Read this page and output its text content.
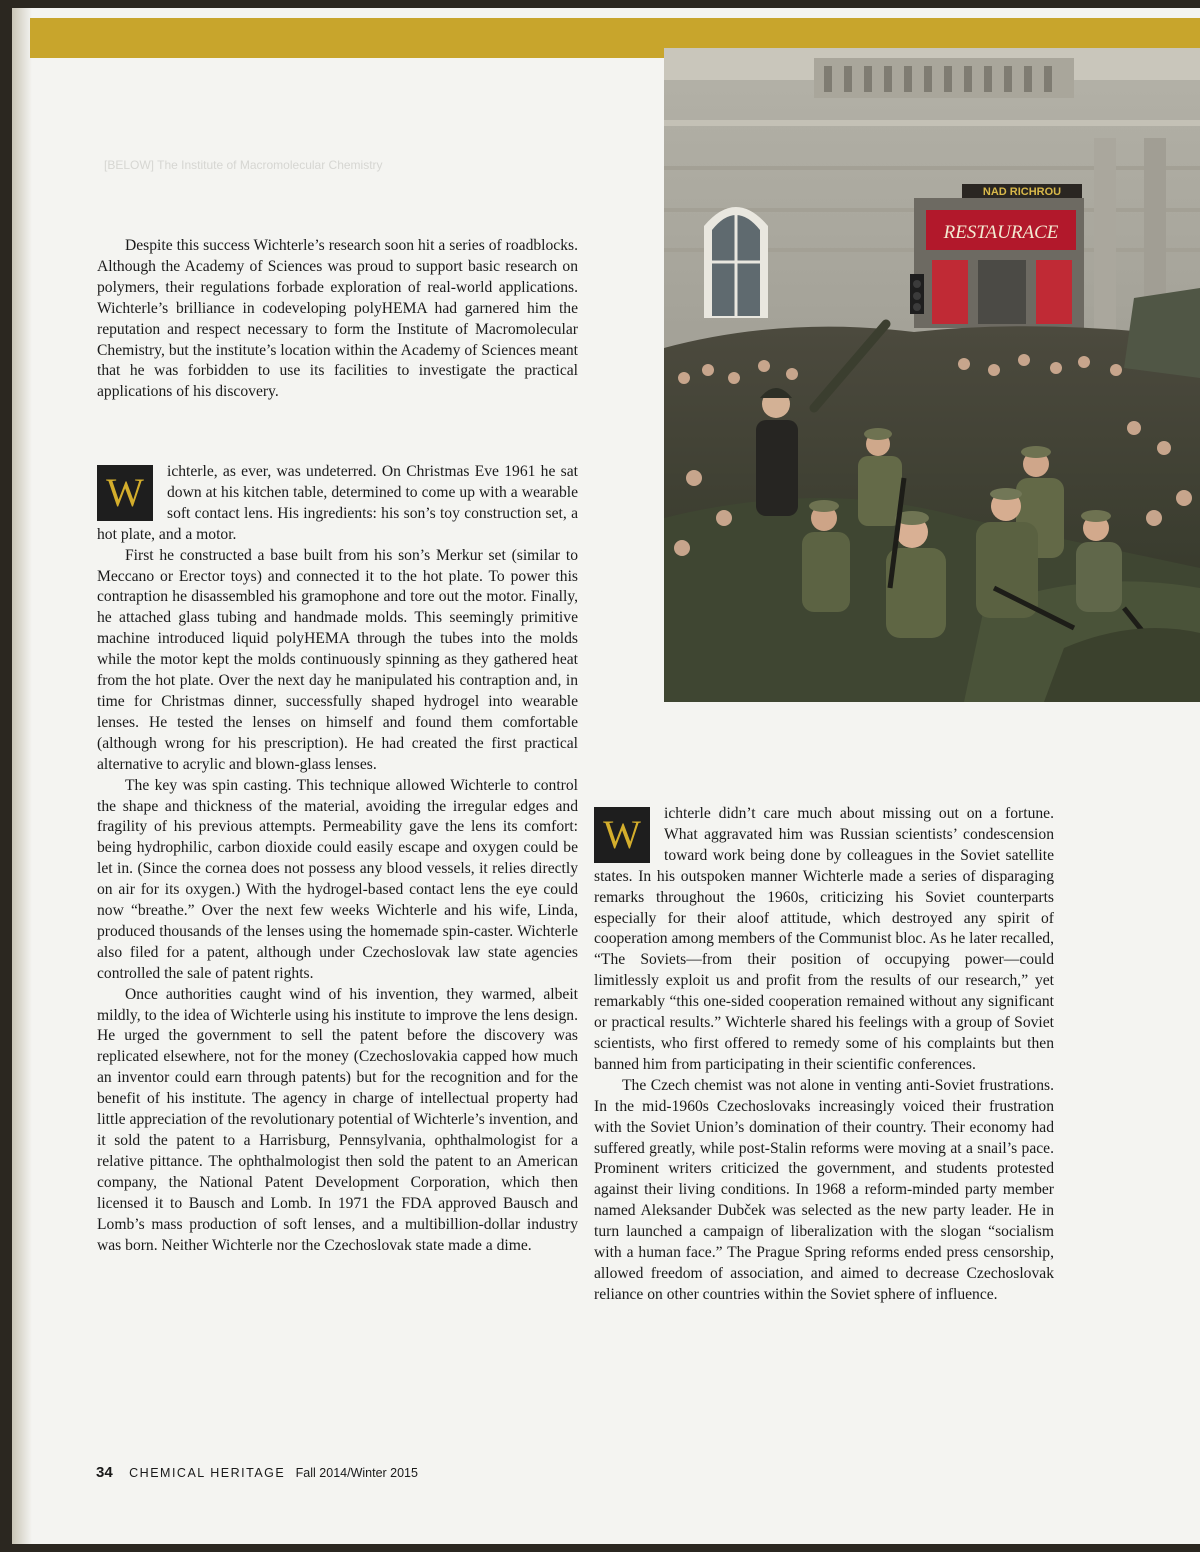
[BELOW] The Institute of Macromolecular Chemistry
NAD RICHROU
RESTAURACE

Despite this success Wichterle’s research soon hit a series of roadblocks. Although the Academy of Sciences was proud to support basic research on polymers, their regulations forbade exploration of real-world applications. Wichterle’s brilliance in codeveloping polyHEMA had garnered him the reputation and respect necessary to form the Institute of Macromolecular Chemistry, but the institute’s location within the Academy of Sciences meant that he was forbidden to use its facilities to investigate the practical applications of his discovery.

W	ichterle, as ever, was undeterred. On Christmas Eve 1961 he sat down at his kitchen table, determined to come up with a wearable soft contact lens. His ingredients: his son’s toy construction set, a hot plate, and a motor.

First he constructed a base built from his son’s Merkur set (similar to Meccano or Erector toys) and connected it to the hot plate. To power this contraption he disassembled his gramophone and tore out the motor. Finally, he attached glass tubing and handmade molds. This seemingly primitive machine introduced liquid polyHEMA through the tubes into the molds while the motor kept the molds continuously spinning as they gathered heat from the hot plate. Over the next day he manipulated his contraption and, in time for Christmas dinner, successfully shaped hydrogel into wearable lenses. He tested the lenses on himself and found them comfortable (although wrong for his prescription). He had created the first practical alternative to acrylic and blown-glass lenses.

The key was spin casting. This technique allowed Wichterle to control the shape and thickness of the material, avoiding the irregular edges and fragility of his previous attempts. Permeability gave the lens its comfort: being hydrophilic, carbon dioxide could easily escape and oxygen could be let in. (Since the cornea does not possess any blood vessels, it relies directly on air for its oxygen.) With the hydrogel-based contact lens the eye could now “breathe.” Over the next few weeks Wichterle and his wife, Linda, produced thousands of the lenses using the homemade spin-caster. Wichterle also filed for a patent, although under Czechoslovak law state agencies controlled the sale of patent rights.

Once authorities caught wind of his invention, they warmed, albeit mildly, to the idea of Wichterle using his institute to improve the lens design. He urged the government to sell the patent before the discovery was replicated elsewhere, not for the money (Czechoslovakia capped how much an inventor could earn through patents) but for the recognition and for the benefit of his institute. The agency in charge of intellectual property had little appreciation of the revolutionary potential of Wichterle’s invention, and it sold the patent to a Harrisburg, Pennsylvania, ophthalmologist for a relative pittance. The ophthalmologist then sold the patent to an American company, the National Patent Development Corporation, which then licensed it to Bausch and Lomb. In 1971 the FDA approved Bausch and Lomb’s mass production of soft lenses, and a multibillion-dollar industry was born. Neither Wichterle nor the Czechoslovak state made a dime.

W	ichterle didn’t care much about missing out on a fortune. What aggravated him was Russian scientists’ condescension toward work being done by colleagues in the Soviet satellite states. In his outspoken manner Wichterle made a series of disparaging remarks throughout the 1960s, criticizing his Soviet counterparts especially for their aloof attitude, which destroyed any spirit of cooperation among members of the Communist bloc. As he later recalled, “The Soviets—from their position of occupying power—could limitlessly exploit us and profit from the results of our research,” yet remarkably “this one-sided cooperation remained without any significant or practical results.” Wichterle shared his feelings with a group of Soviet scientists, who first offered to remedy some of his complaints but then banned him from participating in their scientific conferences.

The Czech chemist was not alone in venting anti-Soviet frustrations. In the mid-1960s Czechoslovaks increasingly voiced their frustration with the Soviet Union’s domination of their country. Their economy had suffered greatly, while post-Stalin reforms were moving at a snail’s pace. Prominent writers criticized the government, and students protested against their living conditions. In 1968 a reform-minded party member named Aleksander Dubček was selected as the new party leader. He in turn launched a campaign of liberalization with the slogan “socialism with a human face.” The Prague Spring reforms ended press censorship, allowed freedom of association, and aimed to decrease Czechoslovak reliance on other countries within the Soviet sphere of influence.

34 CHEMICAL HERITAGE Fall 2014/Winter 2015
